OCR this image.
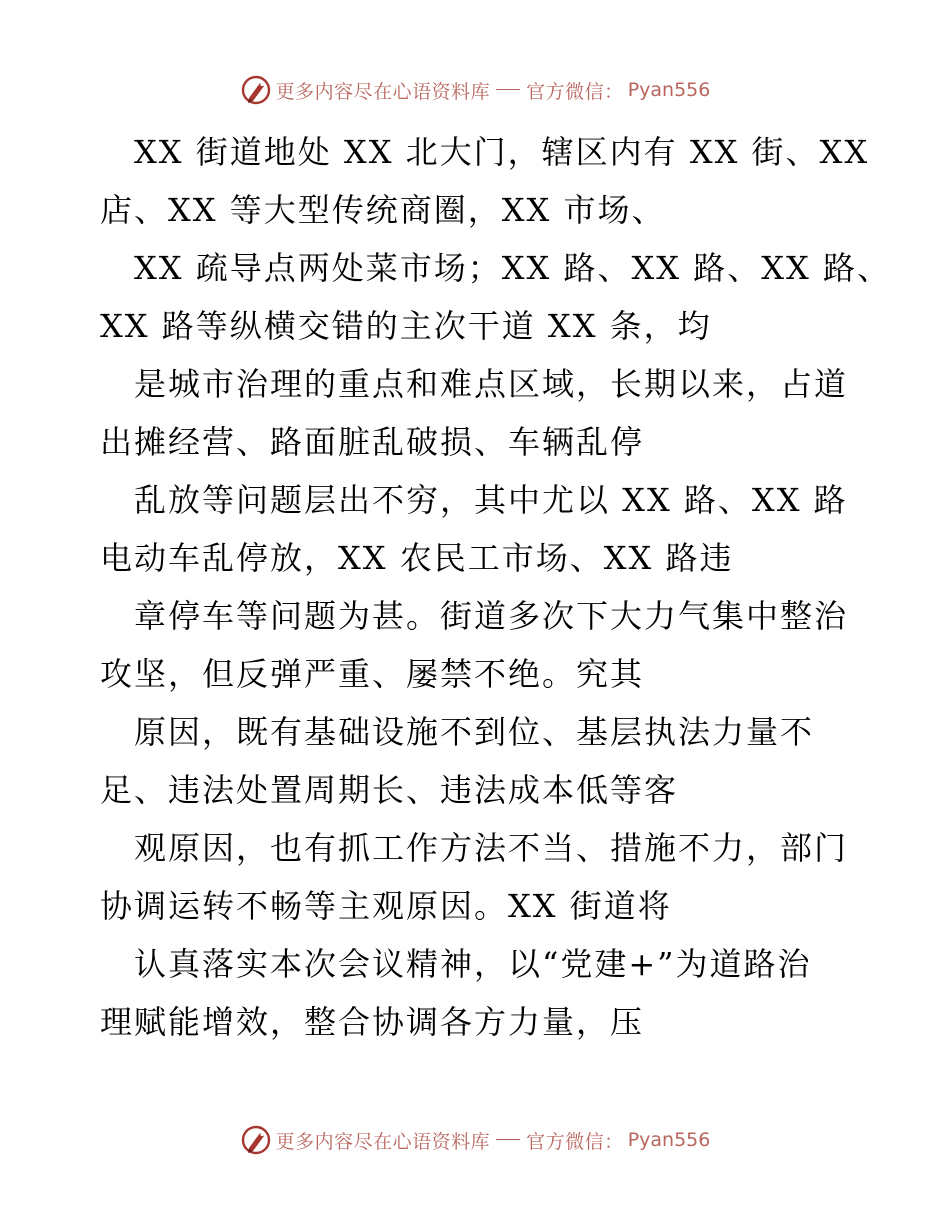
更多内容尽在心语资料库 官方微信： Pyan556
XX 街道地处 XX 北大门，辖区内有 XX 街、XX
店、XX 等大型传统商圈，XX 市场、
XX 疏导点两处菜市场；XX 路、XX 路、XX 路、
XX 路等纵横交错的主次干道 XX 条，均
是城市治理的重点和难点区域，长期以来，占道
出摊经营、路面脏乱破损、车辆乱停
乱放等问题层出不穷，其中尤以 XX 路、XX 路
电动车乱停放，XX 农民工市场、XX 路违
章停车等问题为甚。街道多次下大力气集中整治
攻坚，但反弹严重、屡禁不绝。究其
原因，既有基础设施不到位、基层执法力量不
足、违法处置周期长、违法成本低等客
观原因，也有抓工作方法不当、措施不力，部门
协调运转不畅等主观原因。XX 街道将
认真落实本次会议精神，以“党建+”为道路治
理赋能增效，整合协调各方力量，压
更多内容尽在心语资料库 官方微信： Pyan556
